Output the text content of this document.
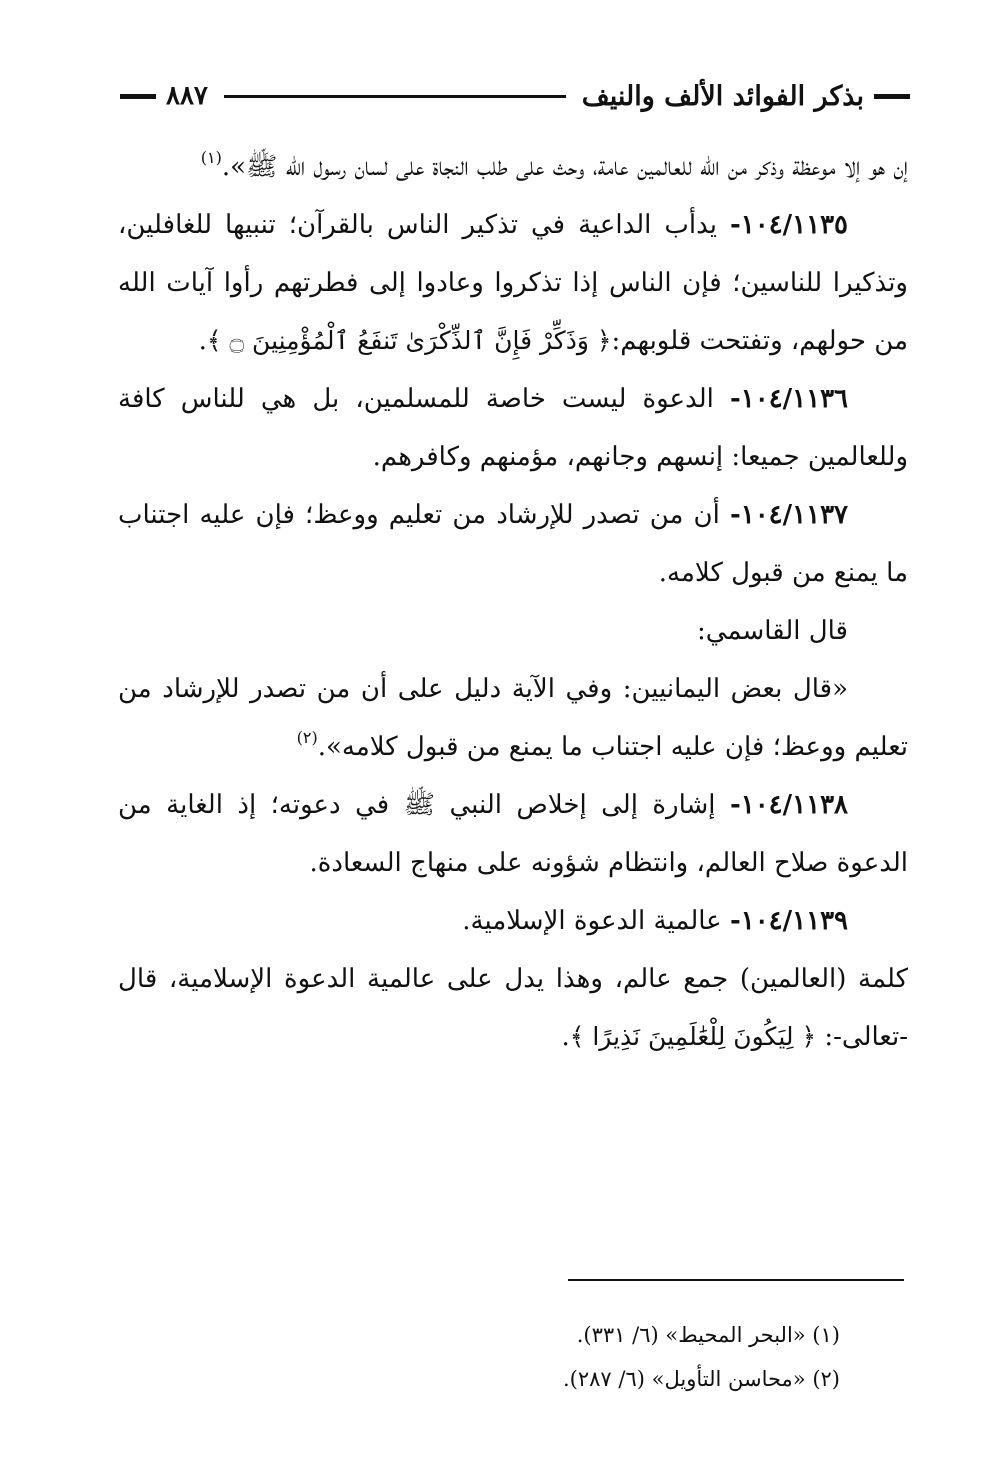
بذكر الفوائد الألف والنيف
٨٨٧

إن هو إلا موعظة وذكر من الله للعالمين عامة، وحث على طلب النجاة على لسان رسول الله ﷺ».$^{(١)}$

١٠٤/١١٣٥- يدأب الداعية في تذكير الناس بالقرآن؛ تنبيها للغافلين، وتذكيرا للناسين؛ فإن الناس إذا تذكروا وعادوا إلى فطرتهم رأوا آيات الله من حولهم، وتفتحت قلوبهم:﴿ وَذَكِّرْ فَإِنَّ ٱلذِّكْرَىٰ تَنفَعُ ٱلْمُؤْمِنِينَ ۝ ﴾.

١٠٤/١١٣٦- الدعوة ليست خاصة للمسلمين، بل هي للناس كافة وللعالمين جميعا: إنسهم وجانهم، مؤمنهم وكافرهم.

١٠٤/١١٣٧- أن من تصدر للإرشاد من تعليم ووعظ؛ فإن عليه اجتناب ما يمنع من قبول كلامه.

قال القاسمي:

«قال بعض اليمانيين: وفي الآية دليل على أن من تصدر للإرشاد من تعليم ووعظ؛ فإن عليه اجتناب ما يمنع من قبول كلامه».$^{(٢)}$

١٠٤/١١٣٨- إشارة إلى إخلاص النبي ﷺ في دعوته؛ إذ الغاية من الدعوة صلاح العالم، وانتظام شؤونه على منهاج السعادة.

١٠٤/١١٣٩- عالمية الدعوة الإسلامية.

كلمة (العالمين) جمع عالم، وهذا يدل على عالمية الدعوة الإسلامية، قال -تعالى-: ﴿ لِيَكُونَ لِلْعَٰلَمِينَ نَذِيرًا ﴾.

(١) «البحر المحيط» (٦/ ٣٣١).

(٢) «محاسن التأويل» (٦/ ٢٨٧).
